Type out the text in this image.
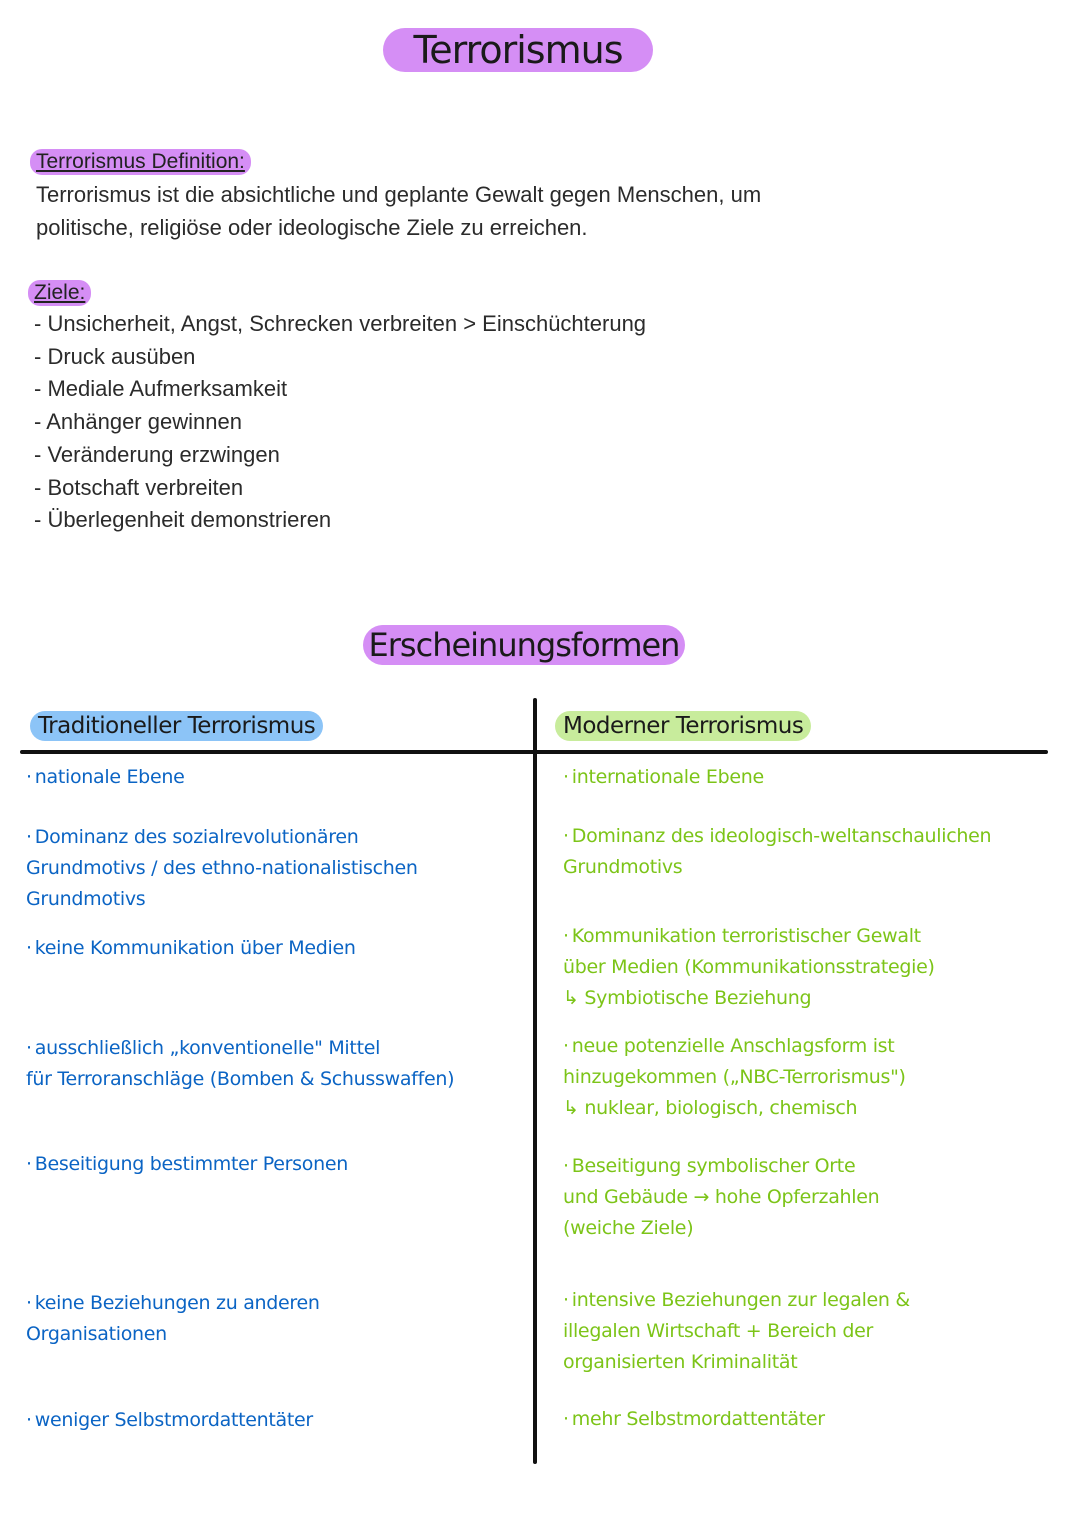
Terrorismus
Terrorismus Definition:
Terrorismus ist die absichtliche und geplante Gewalt gegen Menschen, um
politische, religiöse oder ideologische Ziele zu erreichen.
Ziele:
- Unsicherheit, Angst, Schrecken verbreiten > Einschüchterung
- Druck ausüben
- Mediale Aufmerksamkeit
- Anhänger gewinnen
- Veränderung erzwingen
- Botschaft verbreiten
- Überlegenheit demonstrieren
Erscheinungsformen
Traditioneller Terrorismus	Moderner Terrorismus
· nationale Ebene
· Dominanz des sozialrevolutionären
Grundmotivs / des ethno-nationalistischen
Grundmotivs
· keine Kommunikation über Medien
· ausschließlich „konventionelle" Mittel
für Terroranschläge (Bomben & Schusswaffen)
· Beseitigung bestimmter Personen
· keine Beziehungen zu anderen
Organisationen
· weniger Selbstmordattentäter
· internationale Ebene
· Dominanz des ideologisch-weltanschaulichen
Grundmotivs
· Kommunikation terroristischer Gewalt
über Medien (Kommunikationsstrategie)
↳ Symbiotische Beziehung
· neue potenzielle Anschlagsform ist
hinzugekommen („NBC-Terrorismus")
↳ nuklear, biologisch, chemisch
· Beseitigung symbolischer Orte
und Gebäude → hohe Opferzahlen
(weiche Ziele)
· intensive Beziehungen zur legalen &
illegalen Wirtschaft + Bereich der
organisierten Kriminalität
· mehr Selbstmordattentäter
